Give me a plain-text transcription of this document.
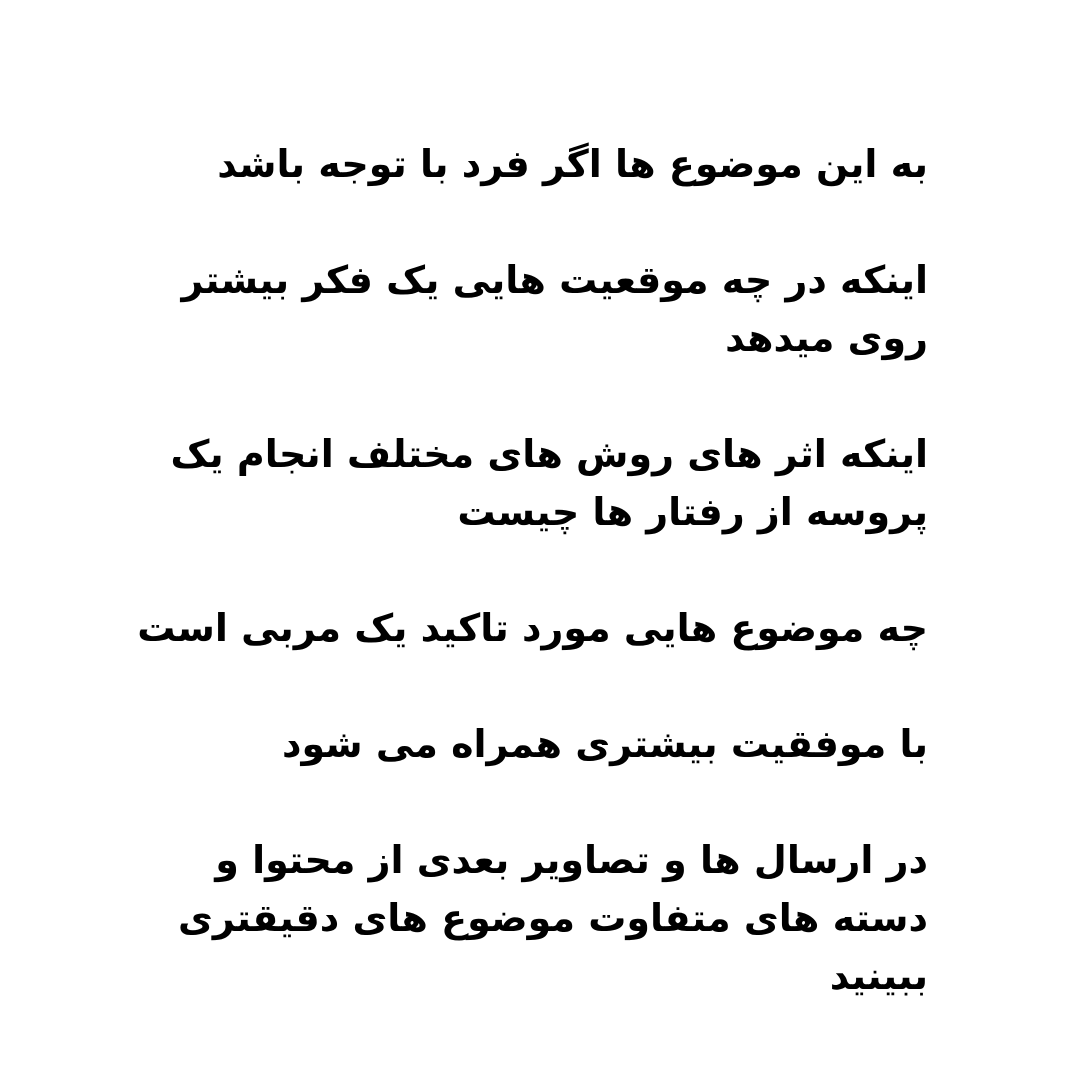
به این موضوع ها اگر فرد با توجه باشد

اینکه در چه موقعیت هایی یک فکر بیشتر روی میدهد

اینکه اثر های روش های مختلف انجام یک پروسه از رفتار ها چیست

چه موضوع هایی مورد تاکید یک مربی است

با موفقیت بیشتری همراه می شود

در ارسال ها و تصاویر بعدی از محتوا و دسته های متفاوت موضوع های دقیقتری ببینید
